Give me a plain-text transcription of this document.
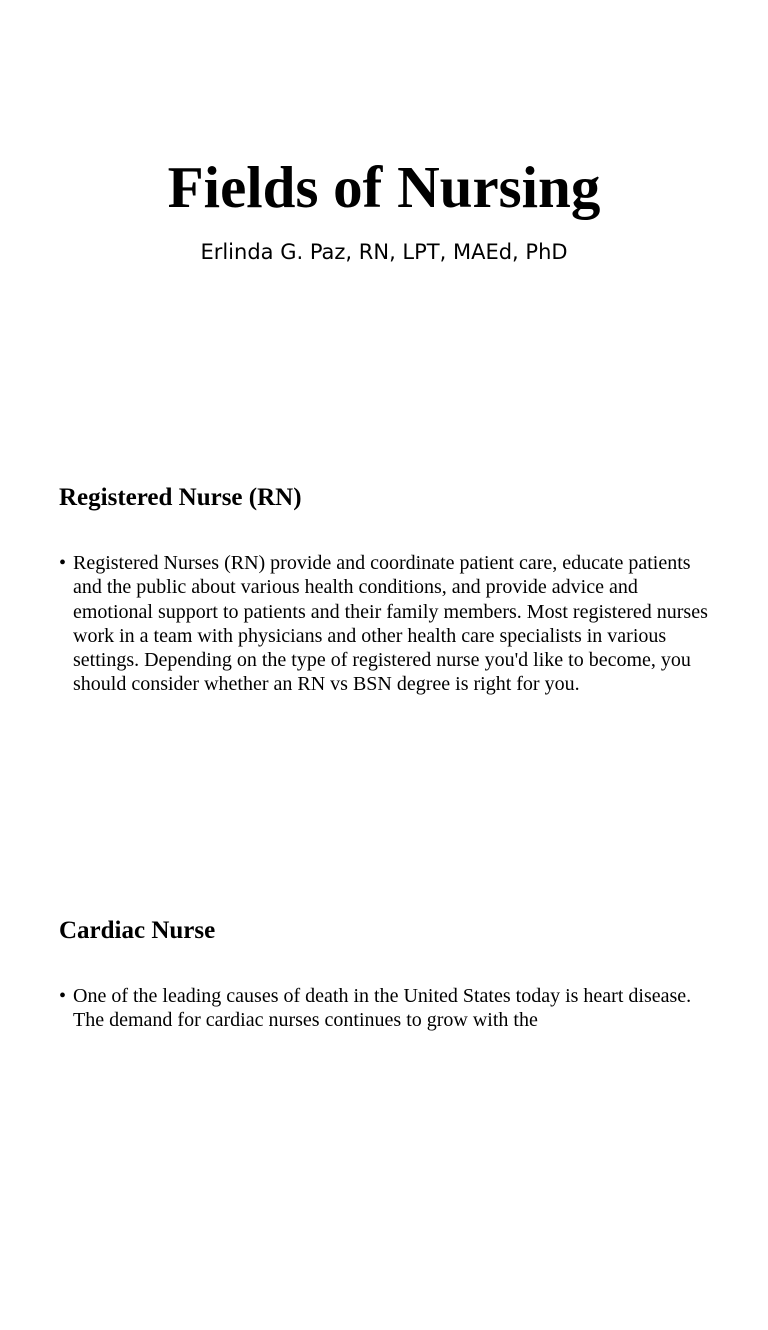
Fields of Nursing

Erlinda G. Paz, RN, LPT, MAEd, PhD

Registered Nurse (RN)
• Registered Nurses (RN) provide and coordinate patient care, educate patients and the public about various health conditions, and provide advice and emotional support to patients and their family members. Most registered nurses work in a team with physicians and other health care specialists in various settings. Depending on the type of registered nurse you'd like to become, you should consider whether an RN vs BSN degree is right for you.

Cardiac Nurse
• One of the leading causes of death in the United States today is heart disease. The demand for cardiac nurses continues to grow with the
